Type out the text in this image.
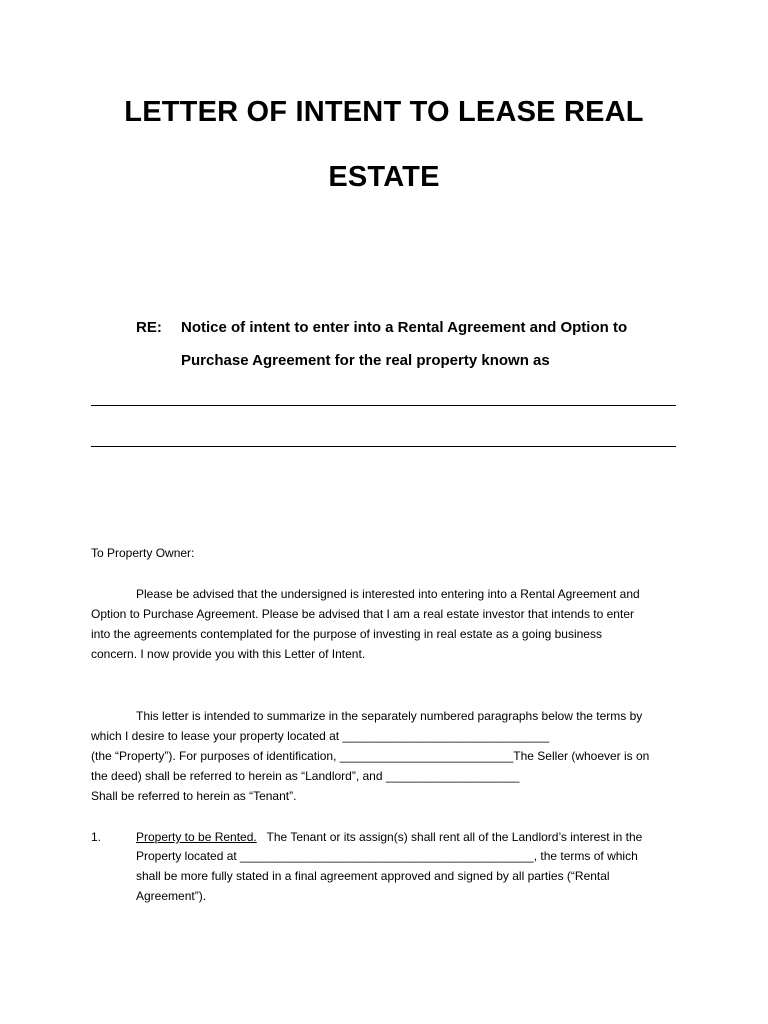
LETTER OF INTENT TO LEASE REAL
ESTATE
RE: Notice of intent to enter into a Rental Agreement and Option to
Purchase Agreement for the real property known as
To Property Owner:
Please be advised that the undersigned is interested into entering into a Rental Agreement and
Option to Purchase Agreement. Please be advised that I am a real estate investor that intends to enter
into the agreements contemplated for the purpose of investing in real estate as a going business
concern. I now provide you with this Letter of Intent.
This letter is intended to summarize in the separately numbered paragraphs below the terms by
which I desire to lease your property located at _______________________________
(the “Property”). For purposes of identification, __________________________The Seller (whoever is on
the deed) shall be referred to herein as “Landlord”, and ____________________
Shall be referred to herein as “Tenant”.
1.	Property to be Rented.   The Tenant or its assign(s) shall rent all of the Landlord’s interest in the
Property located at ____________________________________________, the terms of which
shall be more fully stated in a final agreement approved and signed by all parties (“Rental
Agreement”).
